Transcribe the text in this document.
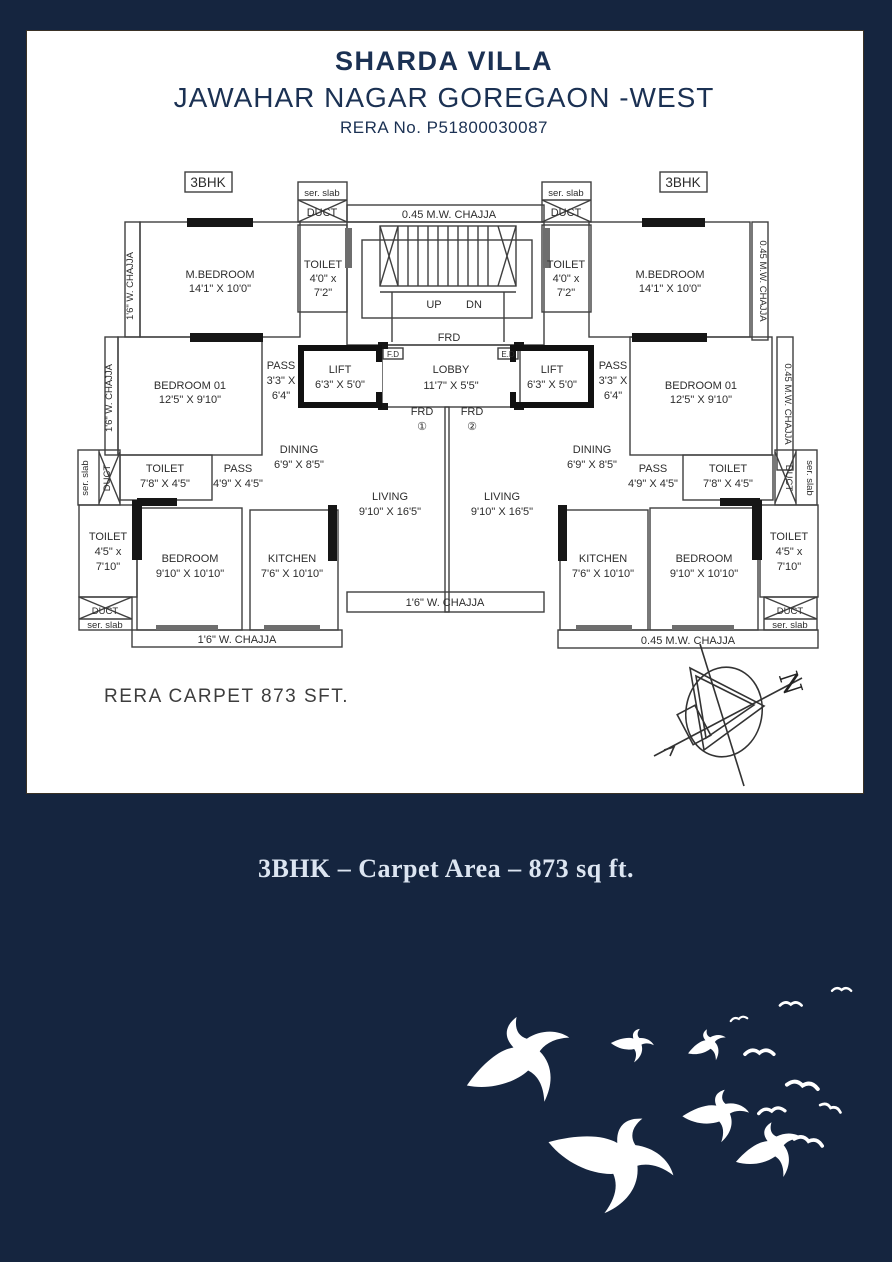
SHARDA VILLA
JAWAHAR NAGAR GOREGAON -WEST
RERA No. P51800030087
3BHK	3BHK
ser. slab
DUCT
ser. slab
DUCT
0.45 M.W. CHAJJA
1'6" W. CHAJJA	0.45 M.W. CHAJJA
M.BEDROOM
14'1" X 10'0"
M.BEDROOM
14'1" X 10'0"
TOILET
4'0" x
7'2"
TOILET
4'0" x
7'2"
UP DN
FRD
1'6" W. CHAJJA	0.45 M.W. CHAJJA
BEDROOM 01
12'5" X 9'10"
BEDROOM 01
12'5" X 9'10"
PASS
3'3" X
6'4"
PASS
3'3" X
6'4"
LIFT
6'3" X 5'0"
LIFT
6'3" X 5'0"
LOBBY
11'7" X 5'5"
F.D	E.D
FRD
①
FRD
②
ser. slab DUCT	DUCT ser. slab
TOILET
7'8" X 4'5"
TOILET
7'8" X 4'5"
PASS
4'9" X 4'5"
PASS
4'9" X 4'5"
DINING
6'9" X 8'5"
DINING
6'9" X 8'5"
LIVING
9'10" X 16'5"
LIVING
9'10" X 16'5"
TOILET
4'5" x
7'10"
TOILET
4'5" x
7'10"
BEDROOM
9'10" X 10'10"
BEDROOM
9'10" X 10'10"
KITCHEN
7'6" X 10'10"
KITCHEN
7'6" X 10'10"
DUCT
ser. slab
DUCT
ser. slab
1'6" W. CHAJJA
1'6" W. CHAJJA	0.45 M.W. CHAJJA
RERA CARPET 873 SFT.	N
3BHK – Carpet Area – 873 sq ft.
